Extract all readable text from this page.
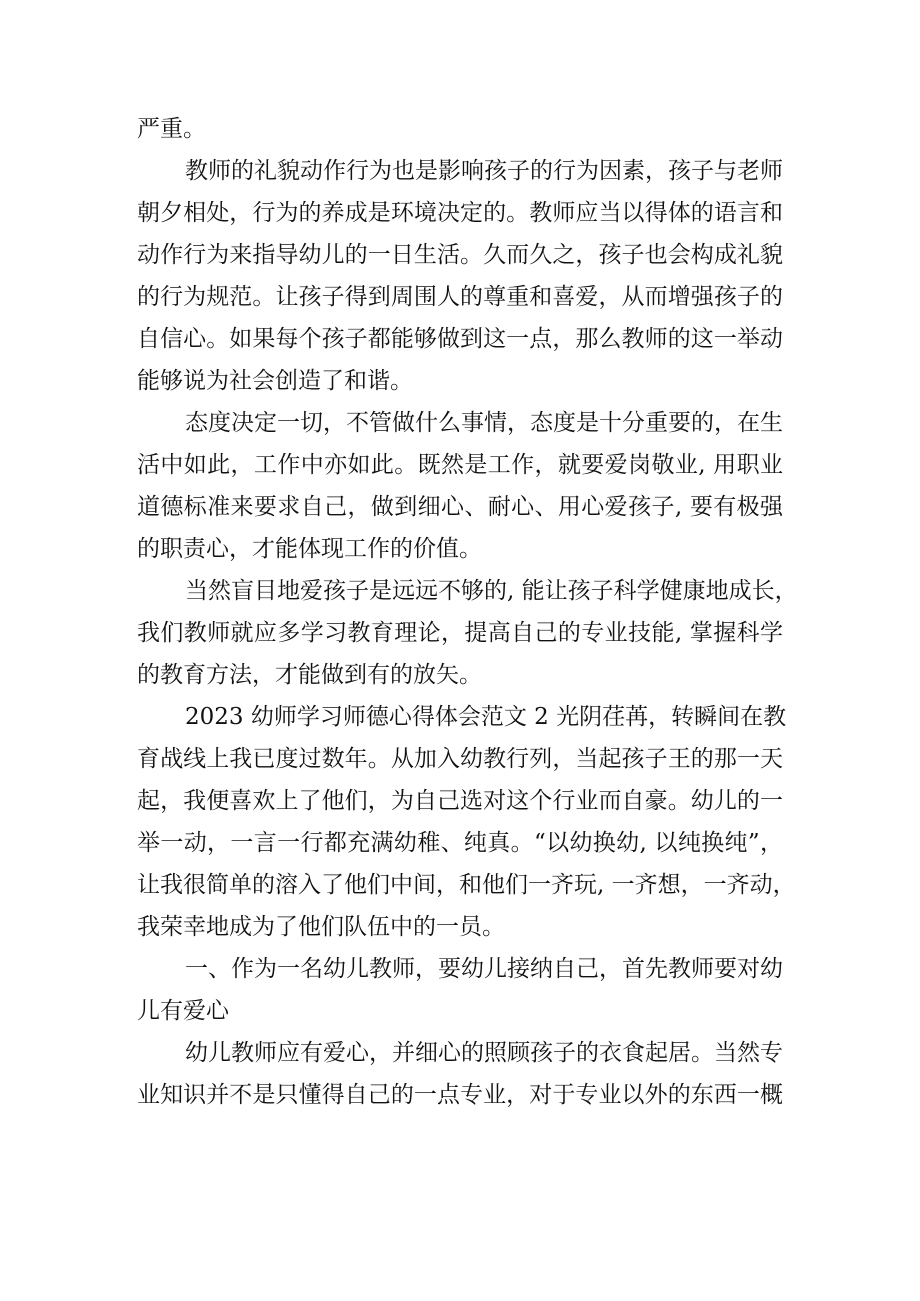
严重。
教师的礼貌动作行为也是影响孩子的行为因素，孩子与老师
朝夕相处，行为的养成是环境决定的。教师应当以得体的语言和
动作行为来指导幼儿的一日生活。久而久之，孩子也会构成礼貌
的行为规范。让孩子得到周围人的尊重和喜爱，从而增强孩子的
自信心。如果每个孩子都能够做到这一点，那么教师的这一举动
能够说为社会创造了和谐。
态度决定一切，不管做什么事情，态度是十分重要的，在生
活中如此，工作中亦如此。既然是工作，就要爱岗敬业, 用职业
道德标准来要求自己，做到细心、耐心、用心爱孩子, 要有极强
的职责心，才能体现工作的价值。
当然盲目地爱孩子是远远不够的, 能让孩子科学健康地成长，
我们教师就应多学习教育理论，提高自己的专业技能, 掌握科学
的教育方法，才能做到有的放矢。
2023 幼师学习师德心得体会范文 2 光阴荏苒，转瞬间在教
育战线上我已度过数年。从加入幼教行列，当起孩子王的那一天
起，我便喜欢上了他们，为自己选对这个行业而自豪。幼儿的一
举一动，一言一行都充满幼稚、纯真。“以幼换幼, 以纯换纯”，
让我很简单的溶入了他们中间，和他们一齐玩, 一齐想，一齐动，
我荣幸地成为了他们队伍中的一员。
一、作为一名幼儿教师，要幼儿接纳自己，首先教师要对幼
儿有爱心
幼儿教师应有爱心，并细心的照顾孩子的衣食起居。当然专
业知识并不是只懂得自己的一点专业，对于专业以外的东西一概
